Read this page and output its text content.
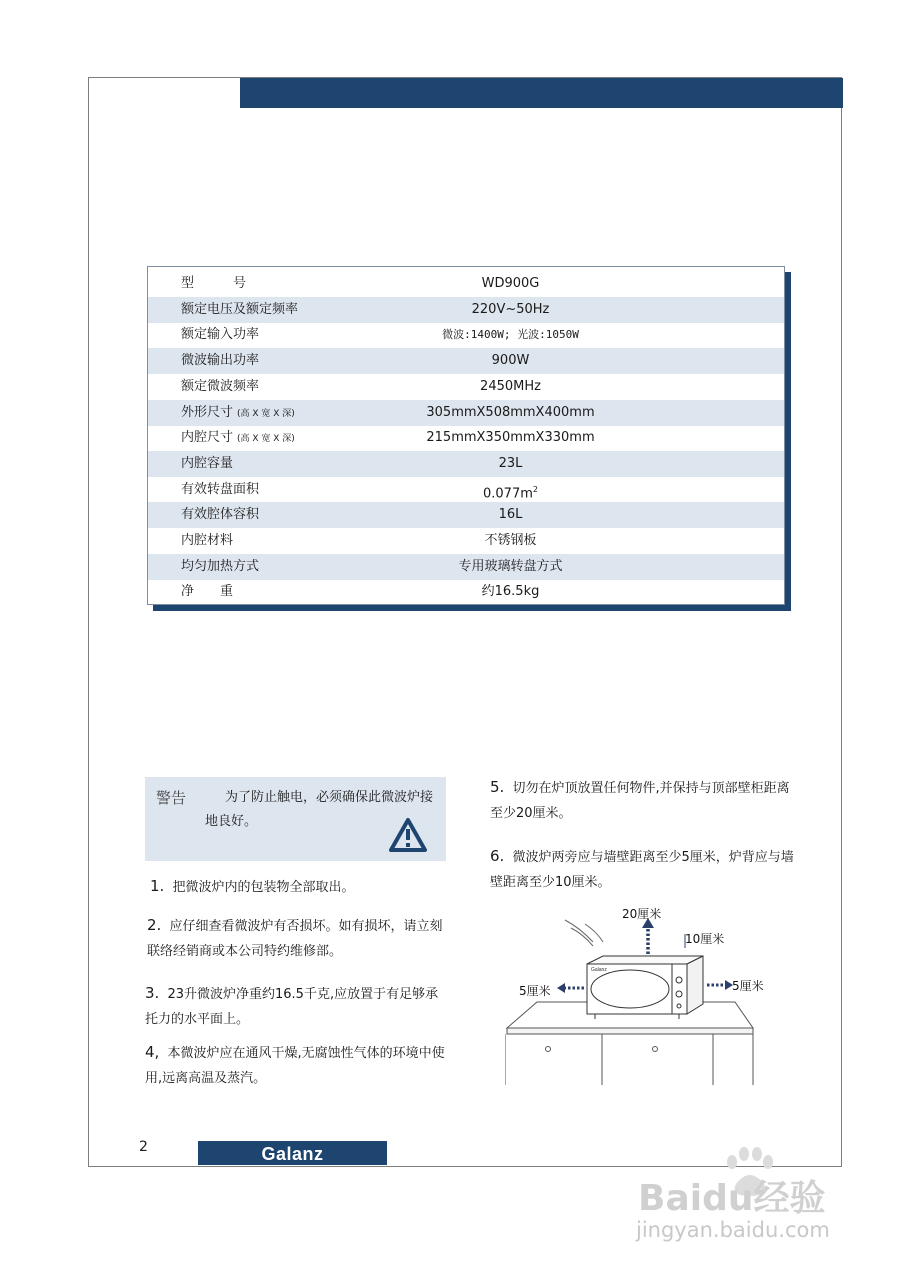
型　　　号	WD900G
额定电压及额定频率	220V~50Hz
额定输入功率	微波:1400W; 光波:1050W
微波输出功率	900W
额定微波频率	2450MHz
外形尺寸 (高 X 宽 X 深)	305mmX508mmX400mm
内腔尺寸 (高 X 宽 X 深)	215mmX350mmX330mm
内腔容量	23L
有效转盘面积	$0.077m^2$
有效腔体容积	16L
内腔材料	不锈钢板
均匀加热方式	专用玻璃转盘方式
净　　重	约16.5kg
警告	为了防止触电，必须确保此微波炉接地良好。
1. 把微波炉内的包装物全部取出。
2. 应仔细查看微波炉有否损坏。如有损坏，请立刻联络经销商或本公司特约维修部。
3. 23升微波炉净重约16.5千克,应放置于有足够承托力的水平面上。
4, 本微波炉应在通风干燥,无腐蚀性气体的环境中使用,远离高温及蒸汽。
5. 切勿在炉顶放置任何物件,并保持与顶部壁柜距离至少20厘米。
6. 微波炉两旁应与墙壁距离至少5厘米，炉背应与墙壁距离至少10厘米。
Galanz
20厘米
10厘米
5厘米	5厘米
2	Galanz
Baidu经验
jingyan.baidu.com
